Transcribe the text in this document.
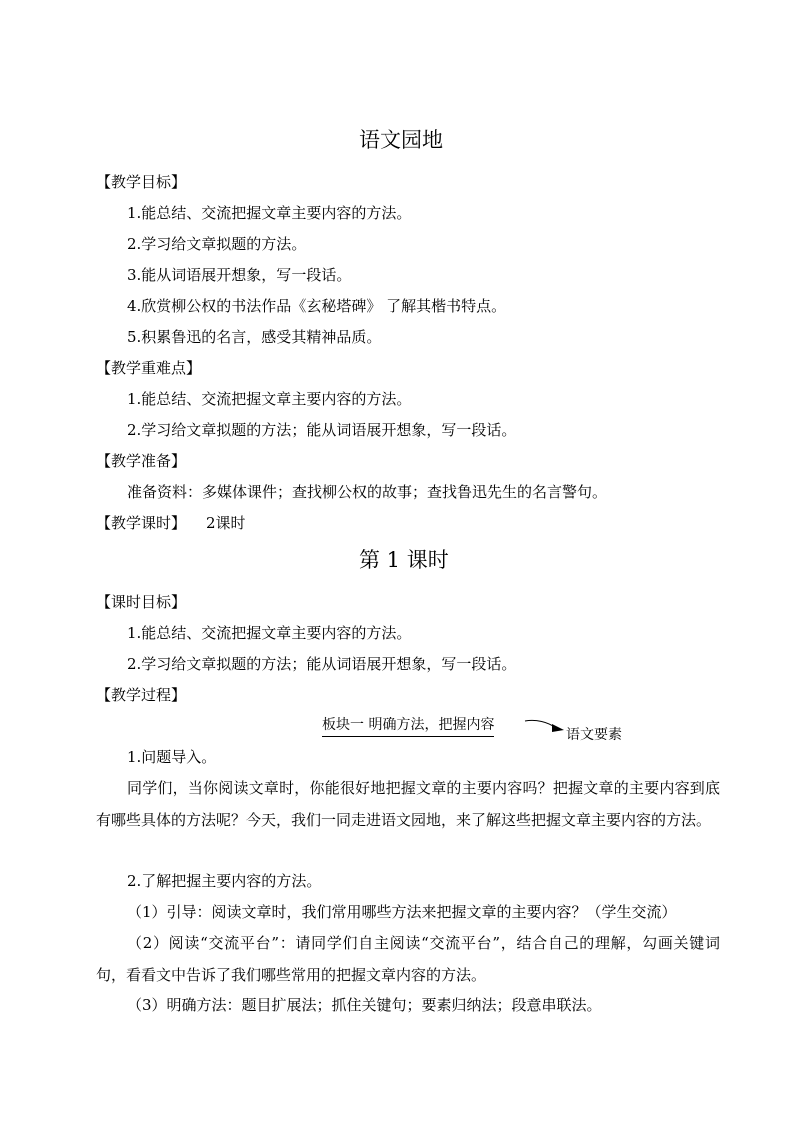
语文园地
【教学目标】
1.能总结、交流把握文章主要内容的方法。
2.学习给文章拟题的方法。
3.能从词语展开想象，写一段话。
4.欣赏柳公权的书法作品《玄秘塔碑》 了解其楷书特点。
5.积累鲁迅的名言，感受其精神品质。
【教学重难点】
1.能总结、交流把握文章主要内容的方法。
2.学习给文章拟题的方法；能从词语展开想象，写一段话。
【教学准备】
准备资料：多媒体课件；查找柳公权的故事；查找鲁迅先生的名言警句。
【教学课时】 2课时
第 1 课时
【课时目标】
1.能总结、交流把握文章主要内容的方法。
2.学习给文章拟题的方法；能从词语展开想象，写一段话。
【教学过程】
板块一 明确方法，把握内容
语文要素
1.问题导入。
同学们，当你阅读文章时，你能很好地把握文章的主要内容吗？把握文章的主要内容到底有哪些具体的方法呢？今天，我们一同走进语文园地，来了解这些把握文章主要内容的方法。
2.了解把握主要内容的方法。
（1）引导：阅读文章时，我们常用哪些方法来把握文章的主要内容？（学生交流）
（2）阅读“交流平台”：请同学们自主阅读“交流平台”，结合自己的理解，勾画关键词句，看看文中告诉了我们哪些常用的把握文章内容的方法。
（3）明确方法：题目扩展法；抓住关键句；要素归纳法；段意串联法。
